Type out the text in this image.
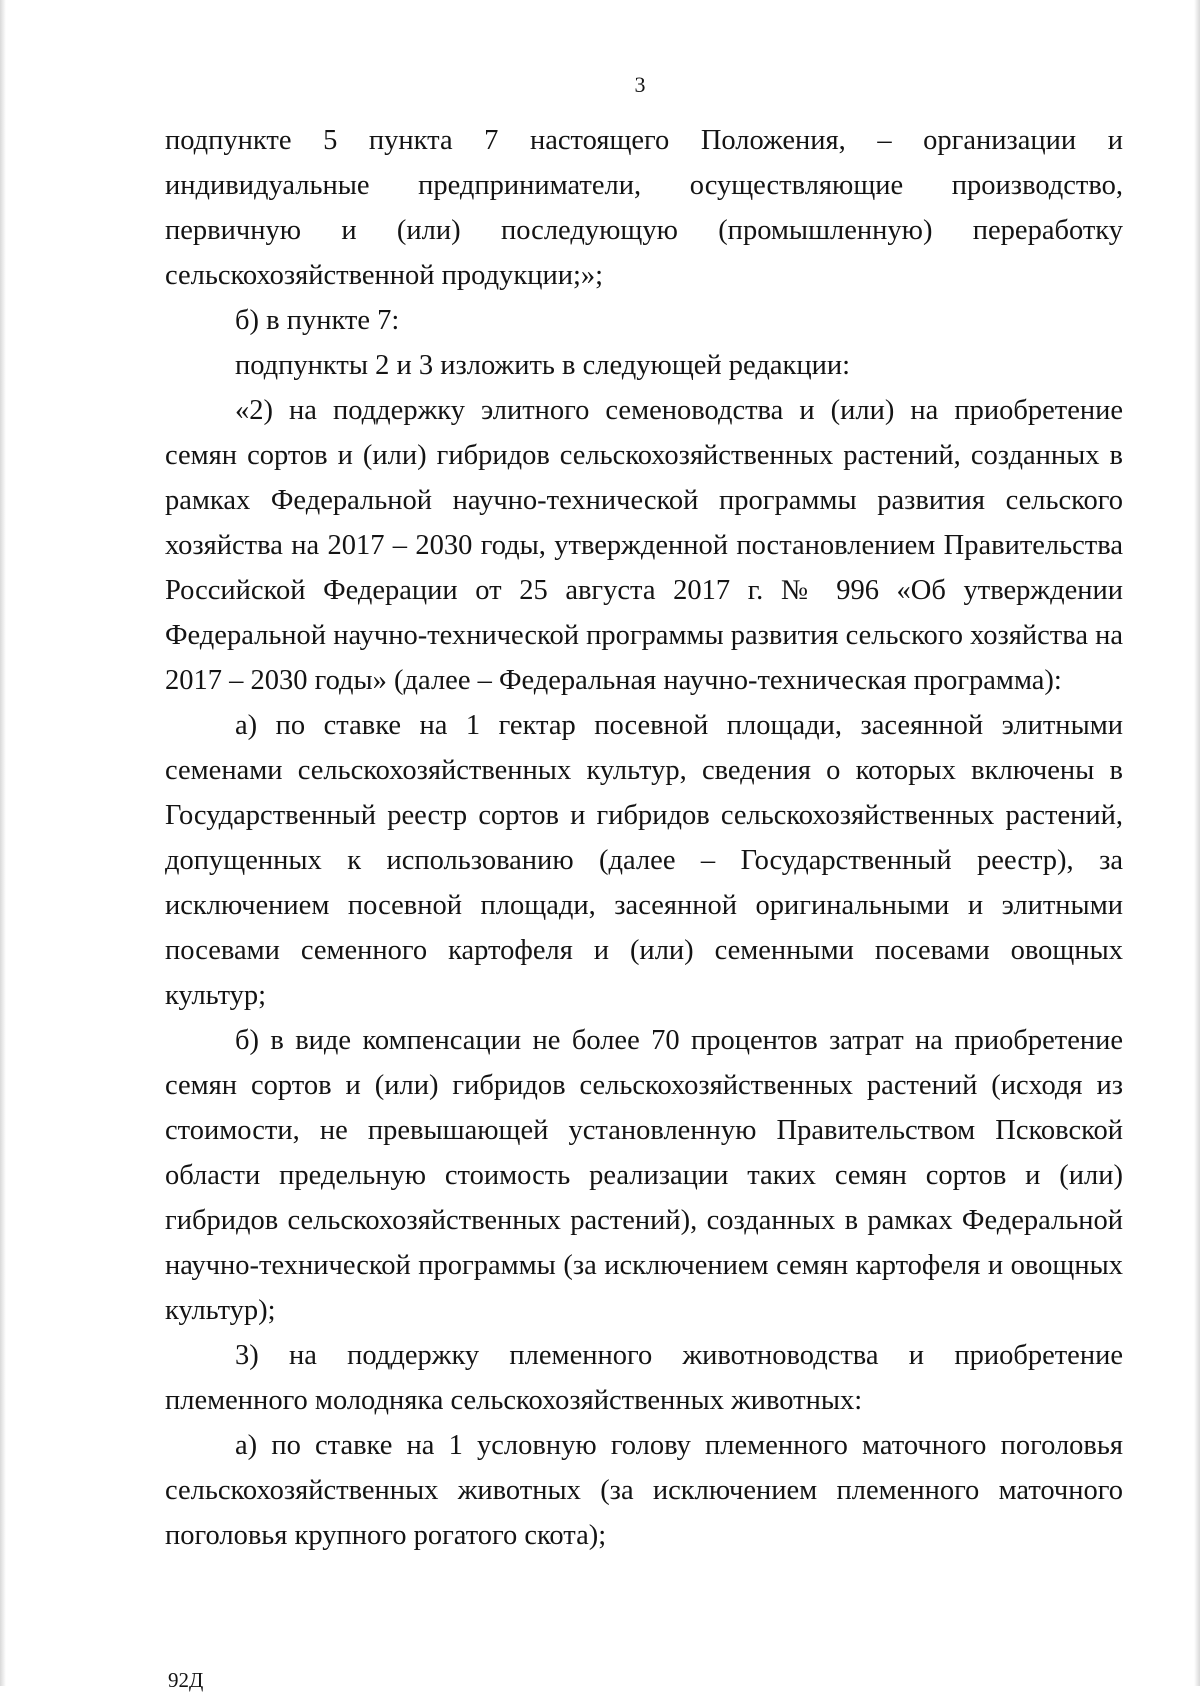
3

подпункте 5 пункта 7 настоящего Положения, – организации и индивидуальные предприниматели, осуществляющие производство, первичную и (или) последующую (промышленную) переработку сельскохозяйственной продукции;»;

б) в пункте 7:

подпункты 2 и 3 изложить в следующей редакции:

«2) на поддержку элитного семеноводства и (или) на приобретение семян сортов и (или) гибридов сельскохозяйственных растений, созданных в рамках Федеральной научно-технической программы развития сельского хозяйства на 2017 – 2030 годы, утвержденной постановлением Правительства Российской Федерации от 25 августа 2017 г. № 996 «Об утверждении Федеральной научно-технической программы развития сельского хозяйства на 2017 – 2030 годы» (далее – Федеральная научно-техническая программа):

а) по ставке на 1 гектар посевной площади, засеянной элитными семенами сельскохозяйственных культур, сведения о которых включены в Государственный реестр сортов и гибридов сельскохозяйственных растений, допущенных к использованию (далее – Государственный реестр), за исключением посевной площади, засеянной оригинальными и элитными посевами семенного картофеля и (или) семенными посевами овощных культур;

б) в виде компенсации не более 70 процентов затрат на приобретение семян сортов и (или) гибридов сельскохозяйственных растений (исходя из стоимости, не превышающей установленную Правительством Псковской области предельную стоимость реализации таких семян сортов и (или) гибридов сельскохозяйственных растений), созданных в рамках Федеральной научно-технической программы (за исключением семян картофеля и овощных культур);

3) на поддержку племенного животноводства и приобретение племенного молодняка сельскохозяйственных животных:

а) по ставке на 1 условную голову племенного маточного поголовья сельскохозяйственных животных (за исключением племенного маточного поголовья крупного рогатого скота);

92Д
